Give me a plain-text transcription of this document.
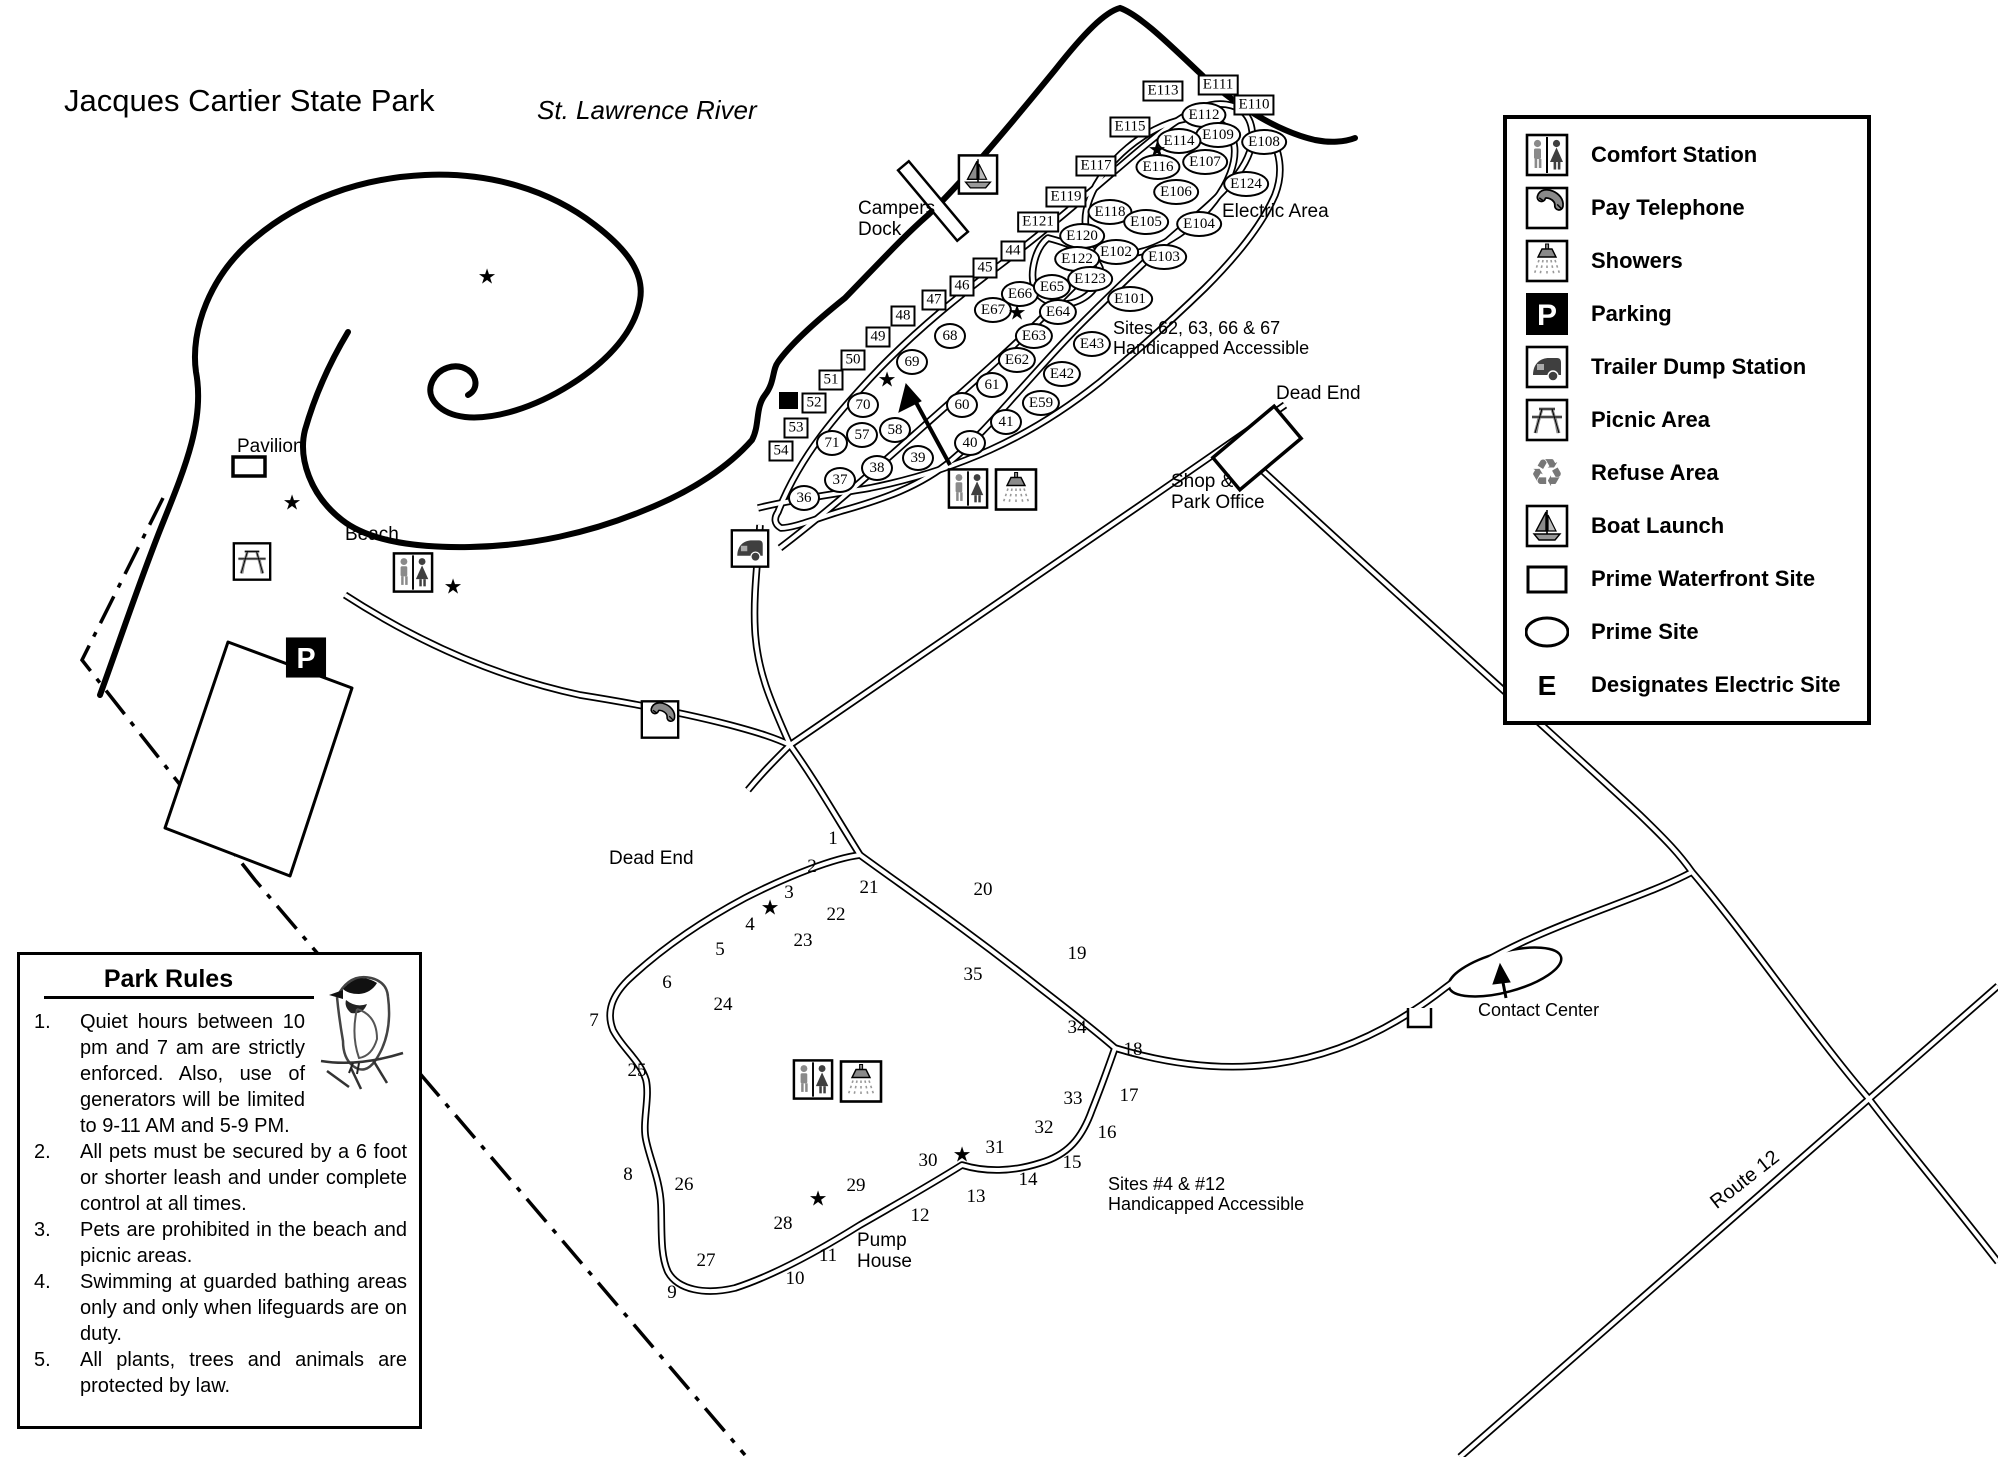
Jacques Cartier State Park	St. Lawrence River
Campers
Dock
Electric Area
Sites 62, 63, 66 & 67
Handicapped Accessible
Dead End
Shop &
Park Office
Pavilion
Beach
Dead End
Pump
House
Contact Center
Sites #4 & #12
Handicapped Accessible	Route 12
E113	E111
E110
E115
E117
E119
E121
44
45
46
47
48
49
50
51
52
53
54
E112
E109
E114	E108
E116	E107
E106	E124
E118
E105	E104
E120
E102
E122	E103
E123
E101
E66 E65
E67	E64
E63	E43
E62
E42
E59
68
69
61
60
41
70
58
57
71	40
39
38
37
36
1
2
3
4
5
6
7
8
9
10
11
12
13
14
15
16
17
18
19
20
21
22
23
24
25
26
27
28
29
30
31
32
33
34
35
★
★
★
★
★
★
★
★
★
P
Comfort Station
Pay Telephone
Showers
P Parking
Trailer Dump Station
Picnic Area
♻ Refuse Area
Boat Launch
Prime Waterfront Site
Prime Site
E Designates Electric Site
Park Rules
1.	Quiet hours between 10 pm and 7 am are strictly enforced. Also, use of generators will be limited to 9-11 AM and 5-9 PM.
2.	All pets must be secured by a 6 foot or shorter leash and under complete control at all times.
3.	Pets are prohibited in the beach and picnic areas.
4.	Swimming at guarded bathing areas only and only when lifeguards are on duty.
5.	All plants, trees and animals are protected by law.
